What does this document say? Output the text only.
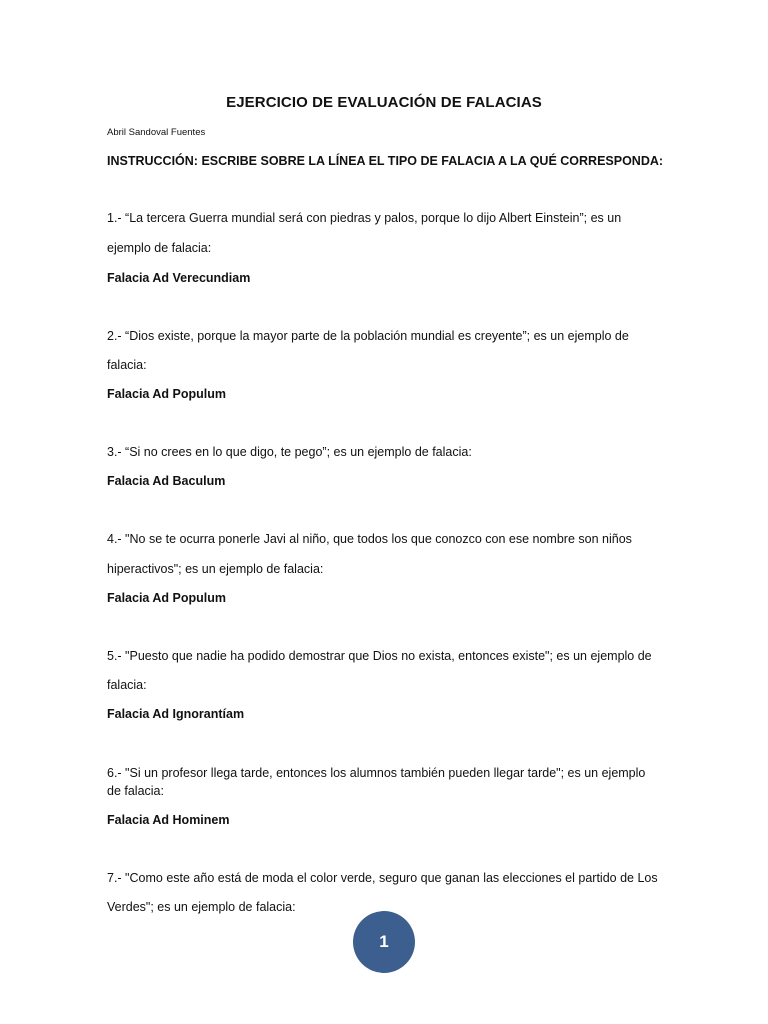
EJERCICIO DE EVALUACIÓN DE FALACIAS
Abril Sandoval Fuentes
INSTRUCCIÓN: ESCRIBE SOBRE LA LÍNEA EL TIPO DE FALACIA A LA QUÉ CORRESPONDA:
1.- “La tercera Guerra mundial será con piedras y palos, porque lo dijo Albert Einstein”; es un
ejemplo de falacia:
Falacia Ad Verecundiam
2.- “Dios existe, porque la mayor parte de la población mundial es creyente”; es un ejemplo de
falacia:
Falacia Ad Populum
3.- “Si no crees en lo que digo, te pego”; es un ejemplo de falacia:
Falacia Ad Baculum
4.- "No se te ocurra ponerle Javi al niño, que todos los que conozco con ese nombre son niños
hiperactivos"; es un ejemplo de falacia:
Falacia Ad Populum
5.- "Puesto que nadie ha podido demostrar que Dios no exista, entonces existe"; es un ejemplo de
falacia:
Falacia Ad Ignorantíam
6.- "Si un profesor llega tarde, entonces los alumnos también pueden llegar tarde"; es un ejemplo
de falacia:
Falacia Ad Hominem
7.- "Como este año está de moda el color verde, seguro que ganan las elecciones el partido de Los
Verdes"; es un ejemplo de falacia:
1
